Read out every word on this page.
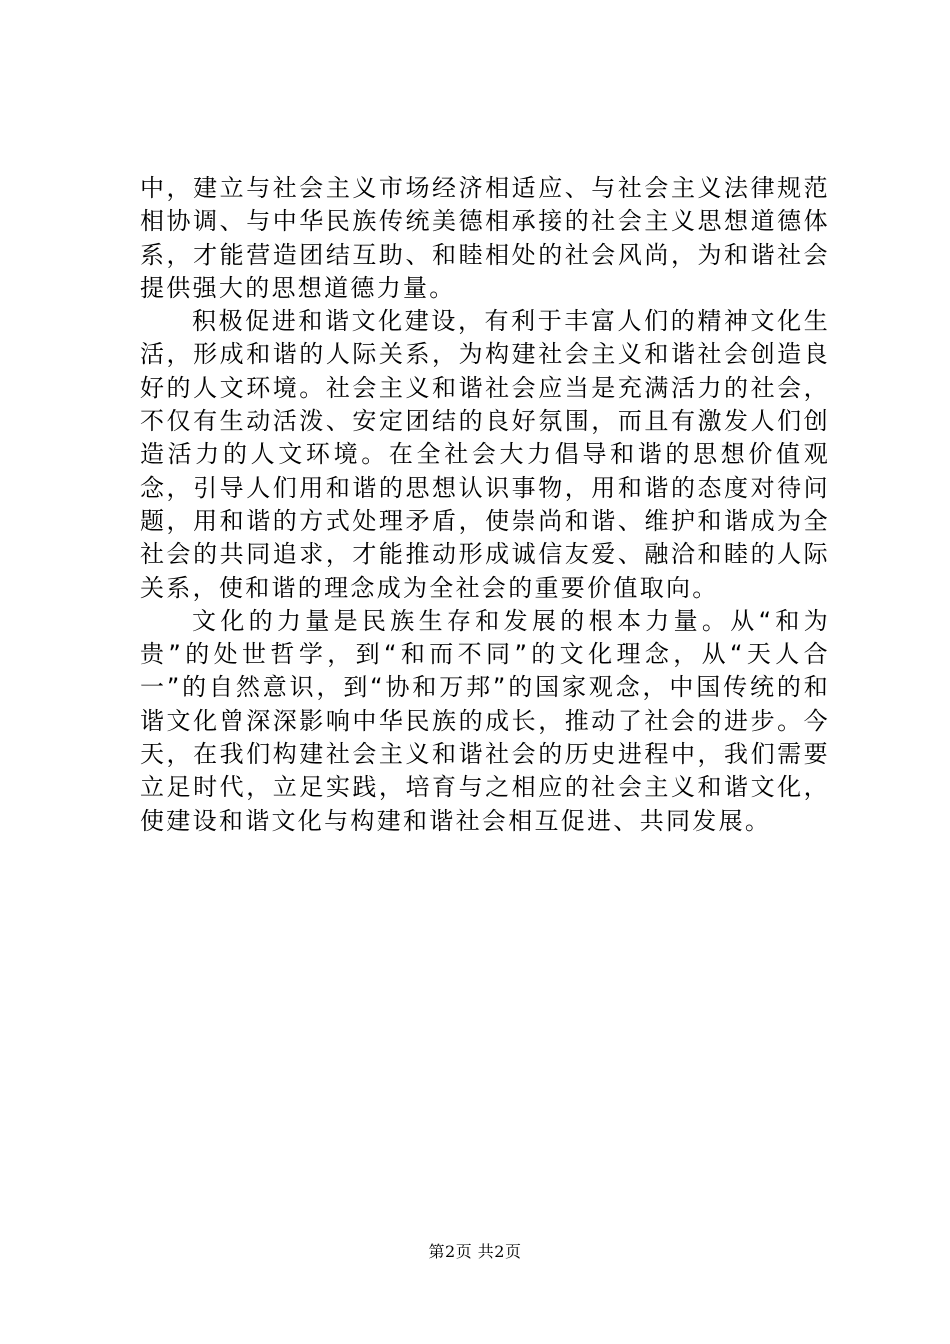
中，建立与社会主义市场经济相适应、与社会主义法律规范相协调、与中华民族传统美德相承接的社会主义思想道德体系，才能营造团结互助、和睦相处的社会风尚，为和谐社会提供强大的思想道德力量。

积极促进和谐文化建设，有利于丰富人们的精神文化生活，形成和谐的人际关系，为构建社会主义和谐社会创造良好的人文环境。社会主义和谐社会应当是充满活力的社会，不仅有生动活泼、安定团结的良好氛围，而且有激发人们创造活力的人文环境。在全社会大力倡导和谐的思想价值观念，引导人们用和谐的思想认识事物，用和谐的态度对待问题，用和谐的方式处理矛盾，使崇尚和谐、维护和谐成为全社会的共同追求，才能推动形成诚信友爱、融洽和睦的人际关系，使和谐的理念成为全社会的重要价值取向。

文化的力量是民族生存和发展的根本力量。从“和为贵”的处世哲学，到“和而不同”的文化理念，从“天人合一”的自然意识，到“协和万邦”的国家观念，中国传统的和谐文化曾深深影响中华民族的成长，推动了社会的进步。今天，在我们构建社会主义和谐社会的历史进程中，我们需要立足时代，立足实践，培育与之相应的社会主义和谐文化，使建设和谐文化与构建和谐社会相互促进、共同发展。

第2页 共2页
